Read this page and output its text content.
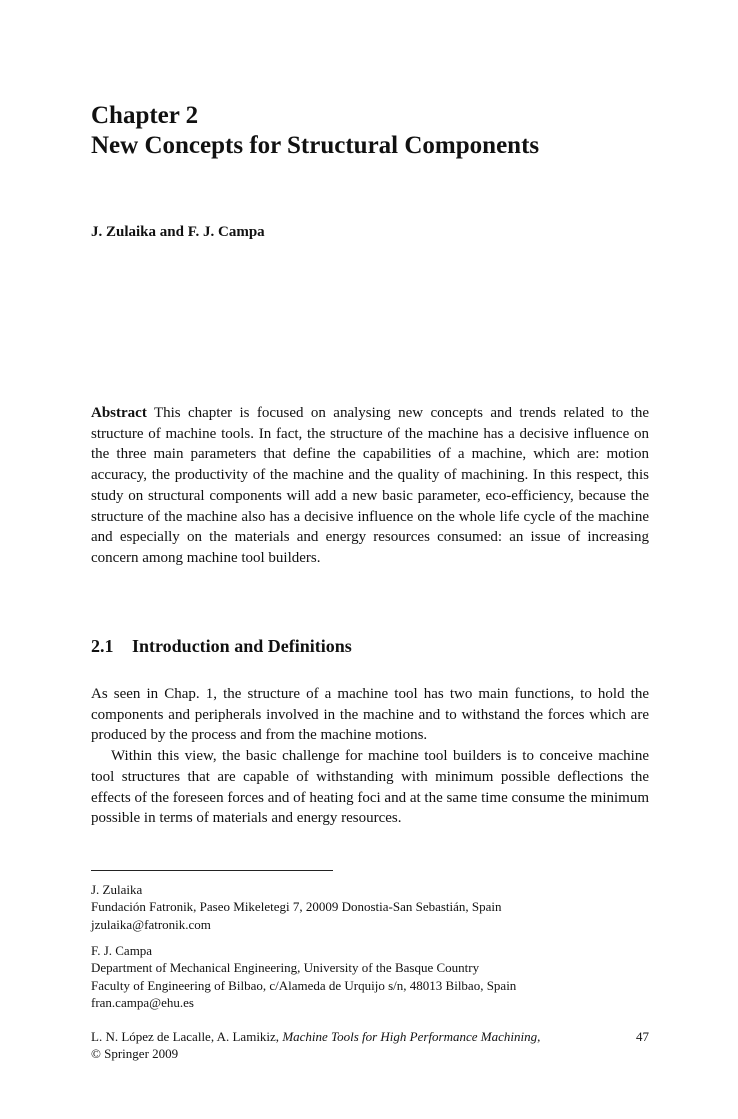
Chapter 2
New Concepts for Structural Components
J. Zulaika and F. J. Campa

Abstract This chapter is focused on analysing new concepts and trends related to the structure of machine tools. In fact, the structure of the machine has a decisive influence on the three main parameters that define the capabilities of a machine, which are: motion accuracy, the productivity of the machine and the quality of machining. In this respect, this study on structural components will add a new basic parameter, eco-efficiency, because the structure of the machine also has a decisive influence on the whole life cycle of the machine and especially on the materials and energy resources consumed: an issue of increasing concern among machine tool builders.

2.1 Introduction and Definitions

As seen in Chap. 1, the structure of a machine tool has two main functions, to hold the components and peripherals involved in the machine and to withstand the forces which are produced by the process and from the machine motions.

Within this view, the basic challenge for machine tool builders is to conceive machine tool structures that are capable of withstanding with minimum possible deflections the effects of the foreseen forces and of heating foci and at the same time consume the minimum possible in terms of materials and energy resources.

J. Zulaika
Fundación Fatronik, Paseo Mikeletegi 7, 20009 Donostia-San Sebastián, Spain
jzulaika@fatronik.com
F. J. Campa
Department of Mechanical Engineering, University of the Basque Country
Faculty of Engineering of Bilbao, c/Alameda de Urquijo s/n, 48013 Bilbao, Spain
fran.campa@ehu.es
L. N. López de Lacalle, A. Lamikiz, Machine Tools for High Performance Machining,
© Springer 2009
47
